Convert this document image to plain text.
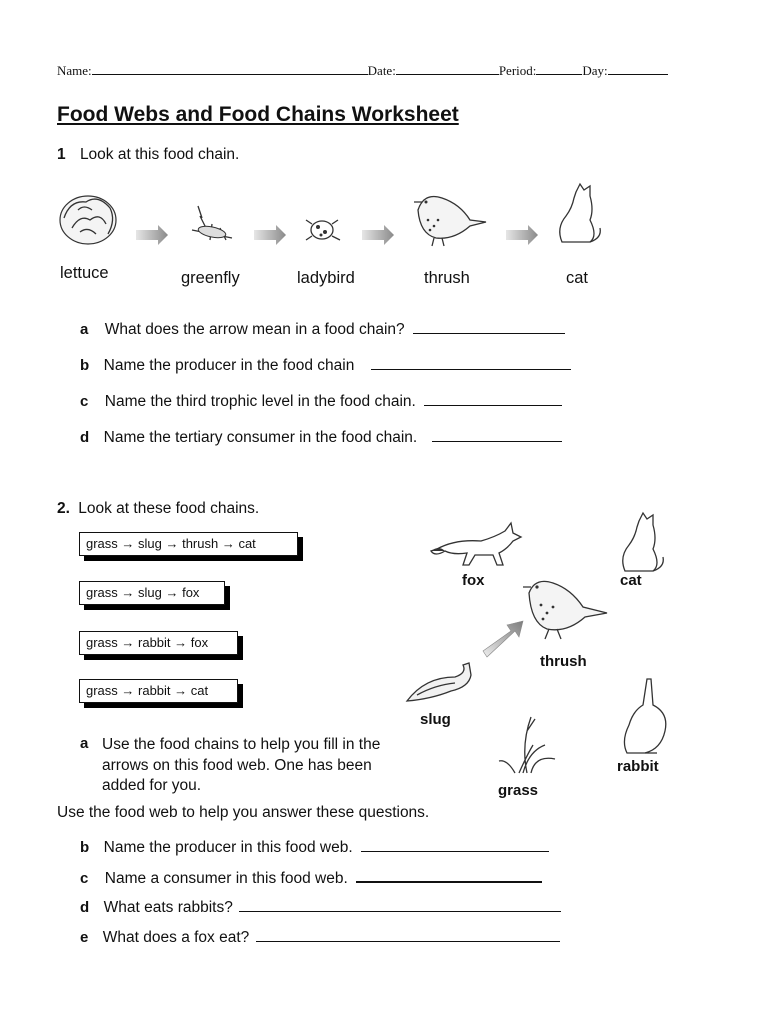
Name:	Date:	Period:	Day:
Food Webs and Food Chains Worksheet
1 Look at this food chain.
lettuce	greenfly	ladybird	thrush	cat
a What does the arrow mean in a food chain?
b Name the producer in the food chain
c Name the third trophic level in the food chain.
d Name the tertiary consumer in the food chain.
2. Look at these food chains.
grass → slug → thrush → cat
grass → slug → fox
grass → rabbit → fox
grass → rabbit → cat
fox	cat
thrush
slug
rabbit
grass
a Use the food chains to help you fill in the
arrows on this food web. One has been
added for you.
Use the food web to help you answer these questions.
b Name the producer in this food web.
c Name a consumer in this food web.
d What eats rabbits?
e What does a fox eat?
